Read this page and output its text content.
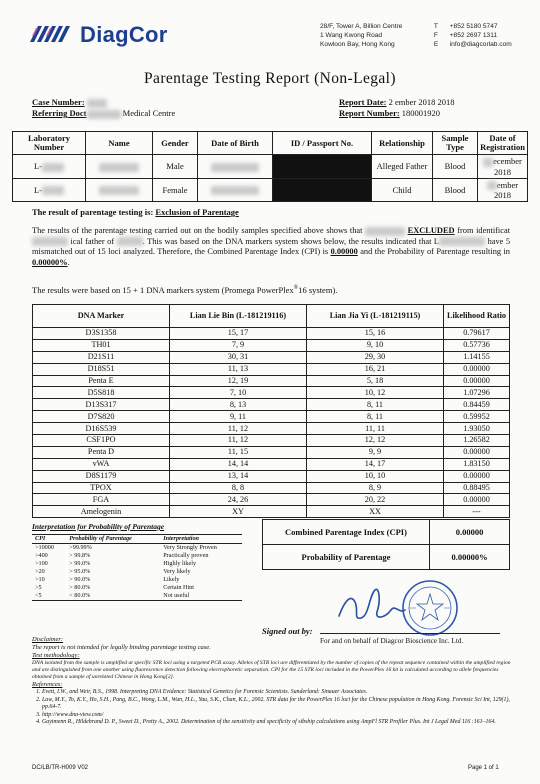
DiagCor	28/F, Tower A, Billion Centre
1 Wang Kwong Road
Kowloon Bay, Hong Kong

T
F
E

+852 5180 5747
+852 2697 1311
info@diagcorlab.com
Parentage Testing Report (Non-Legal)
Case Number:
Referring Doct	Medical Centre
Report Date: 2 ember 2018 2018
Report Number: 180001920
Laboratory Number	Name	Gender	Date of Birth	ID / Passport No.	Relationship	Sample Type	Date of Registration
L-		Male			Alleged Father	Blood	ecember 2018
L-		Female			Child	Blood	ember 2018
The result of parentage testing is: Exclusion of Parentage
The results of the parentage testing carried out on the bodily samples specified above shows that	EXCLUDED from identificat ical father of	. This was based on the DNA markers system shows below, the results indicated that L	have 5 mismatched out of 15 loci analyzed. Therefore, the Combined Parentage Index (CPI) is 0.00000 and the Probability of Parentage resulting in 0.00000%.
The results were based on 15 + 1 DNA markers system (Promega PowerPlex®16 system).
DNA Marker	Lian Lie Bin (L-181219116)	Lian Jia Yi (L-181219115)	Likelihood Ratio
D3S1358	15, 17	15, 16	0.79617
TH01	7, 9	9, 10	0.57736
D21S11	30, 31	29, 30	1.14155
D18S51	11, 13	16, 21	0.00000
Penta E	12, 19	5, 18	0.00000
D5S818	7, 10	10, 12	1.07296
D13S317	8, 13	8, 11	0.84459
D7S820	9, 11	8, 11	0.59952
D16S539	11, 12	11, 11	1.93050
CSF1PO	11, 12	12, 12	1.26582
Penta D	11, 15	9, 9	0.00000
vWA	14, 14	14, 17	1.83150
D8S1179	13, 14	10, 10	0.00000
TPOX	8, 8	8, 9	0.88495
FGA	24, 26	20, 22	0.00000
Amelogenin	XY	XX	---
Interpretation for Probability of Parentage
CPI	Probability of Parentage	Interpretation
>10000	>99.99%	Very Strongly Proven
>400	> 99.8%	Practically proven
>100	> 99.0%	Highly likely
>20	> 95.0%	Very likely
>10	> 90.0%	Likely
>5	> 80.0%	Certain Hint
<5	< 80.0%	Not useful
Combined Parentage Index (CPI)	0.00000
Probability of Parentage	0.00000%
Signed out by:
For and on behalf of Diagcor Bioscience Inc. Ltd.
Disclaimer:
The report is not intended for legally binding parentage testing case.
Test methodology:
DNA isolated from the sample is amplified at specific STR loci using a targeted PCR assay. Alleles of STR loci are differentiated by the number of copies of the repeat sequence contained within the amplified region and are distinguished from one another using fluorescence detection following electrophoretic separation. CPI for the 15 STR loci included in the PowerPlex 16 kit is calculated according to allele frequencies obtained from a sample of unrelated Chinese in Hong Kong[2].
References:
1. Evett, I.W., and Weir, B.S., 1998. Interpreting DNA Evidence: Statistical Genetics for Forensic Scientists. Sunderland: Sinauer Associates.
2. Law, M.Y., To, K.Y., Ho, S.H., Pang, B.C., Wong, L.M., Wun, H.L., Yau, S.K., Chan, K.L., 2002. STR data for the PowerPlex 16 loci for the Chinese population in Hong Kong. Forensic Sci Int, 129(1), pp.64-7.
3. http://www.dna-view.com/
4. Gaytmenn R., Hildebrand D. P., Sweet D., Pretty A., 2002. Determination of the sensitivity and specificity of sibship calculations using AmpFl STR Profiler Plus. Int J Legal Med 116 :161–164.
DC/LB/TR-H009 V02	Page 1 of 1
